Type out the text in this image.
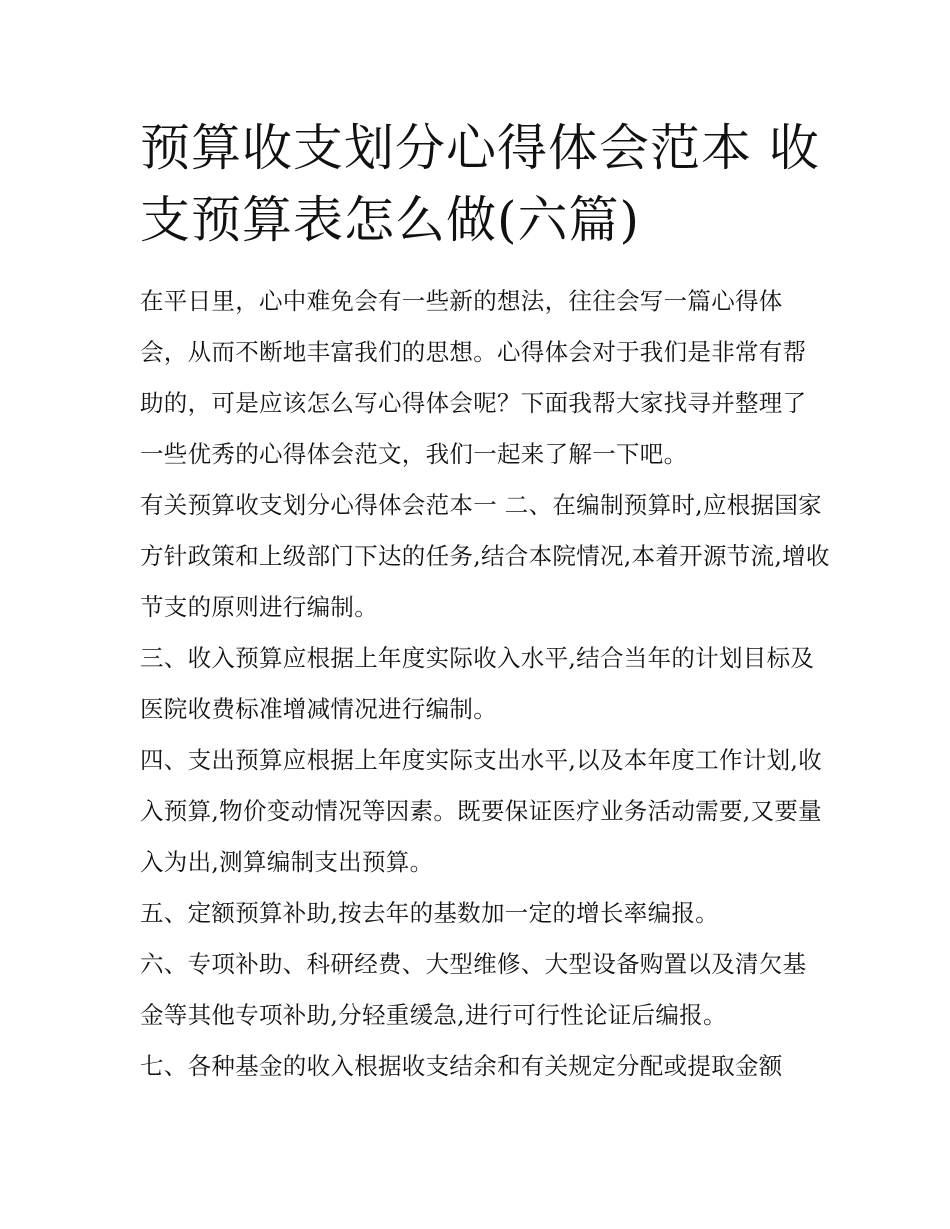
预算收支划分心得体会范本 收支预算表怎么做(六篇)

在平日里，心中难免会有一些新的想法，往往会写一篇心得体会，从而不断地丰富我们的思想。心得体会对于我们是非常有帮助的，可是应该怎么写心得体会呢？下面我帮大家找寻并整理了一些优秀的心得体会范文，我们一起来了解一下吧。

有关预算收支划分心得体会范本一 二、在编制预算时,应根据国家方针政策和上级部门下达的任务,结合本院情况,本着开源节流,增收节支的原则进行编制。

三、收入预算应根据上年度实际收入水平,结合当年的计划目标及医院收费标准增减情况进行编制。

四、支出预算应根据上年度实际支出水平,以及本年度工作计划,收入预算,物价变动情况等因素。既要保证医疗业务活动需要,又要量入为出,测算编制支出预算。

五、定额预算补助,按去年的基数加一定的增长率编报。

六、专项补助、科研经费、大型维修、大型设备购置以及清欠基金等其他专项补助,分轻重缓急,进行可行性论证后编报。

七、各种基金的收入根据收支结余和有关规定分配或提取金额
